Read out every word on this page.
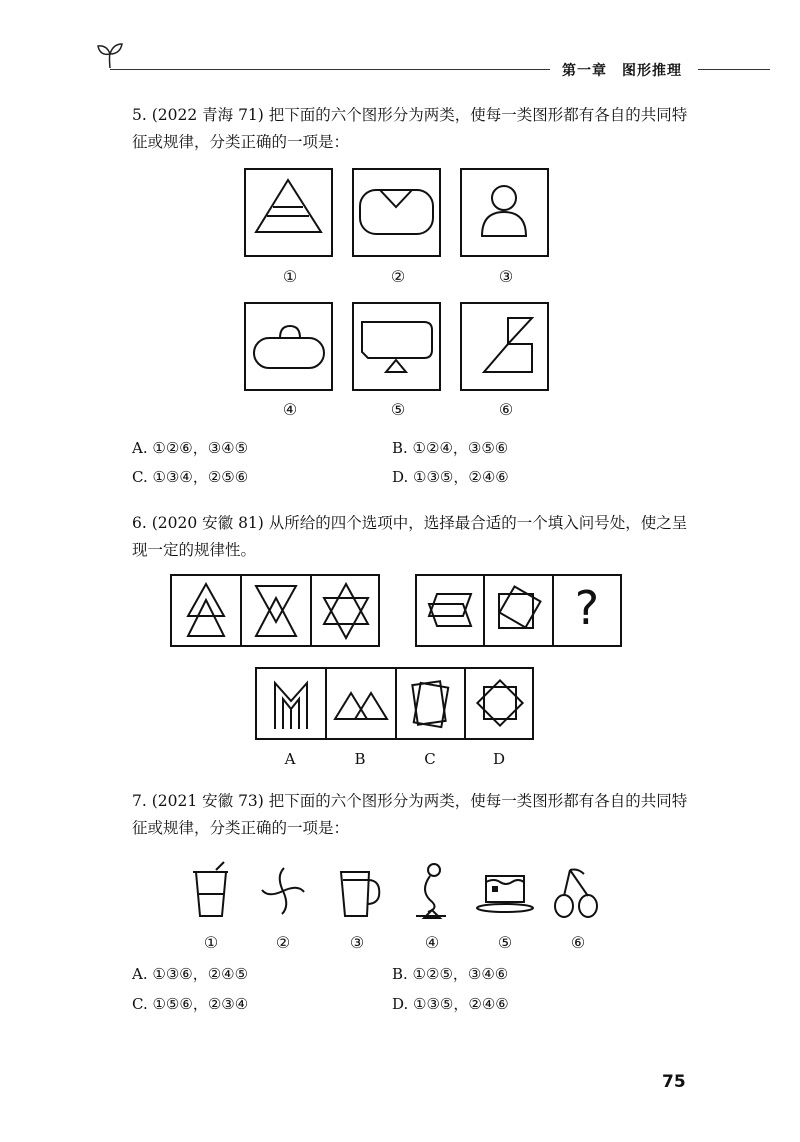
第一章　图形推理
5. (2022 青海 71) 把下面的六个图形分为两类，使每一类图形都有各自的共同特征或规律，分类正确的一项是：
①	②	③
④	⑤	⑥
A. ①②⑥，③④⑤	B. ①②④，③⑤⑥
C. ①③④，②⑤⑥	D. ①③⑤，②④⑥
6. (2020 安徽 81) 从所给的四个选项中，选择最合适的一个填入问号处，使之呈现一定的规律性。
?
A	B	C	D
7. (2021 安徽 73) 把下面的六个图形分为两类，使每一类图形都有各自的共同特征或规律，分类正确的一项是：
①	②	③	④	⑤	⑥
A. ①③⑥，②④⑤	B. ①②⑤，③④⑥
C. ①⑤⑥，②③④	D. ①③⑤，②④⑥
75
